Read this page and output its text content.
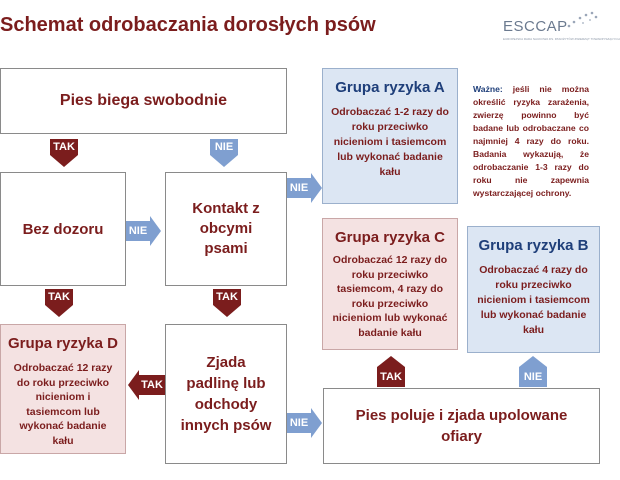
Schemat odrobaczania dorosłych psów	ESCCAP
EUROPEJSKA RADA NAUKOWA DS. PASOŻYTÓW ZWIERZĄT TOWARZYSZĄCYCH
Pies biega swobodnie
Bez dozoru
Kontakt z obcymi psami
Zjada padlinę lub odchody innych psów
Pies poluje i zjada upolowane ofiary
Grupa ryzyka A
Odrobaczać 1-2 razy do roku przeciwko nicieniom i tasiemcom lub wykonać badanie kału
Grupa ryzyka C
Odrobaczać 12 razy do roku przeciwko tasiemcom, 4 razy do roku przeciwko nicieniom lub wykonać badanie kału
Grupa ryzyka B
Odrobaczać 4 razy do roku przeciwko nicieniom i tasiemcom lub wykonać badanie kału
Grupa ryzyka D
Odrobaczać 12 razy do roku przeciwko nicieniom i tasiemcom lub wykonać badanie kału
Ważne: jeśli nie można określić ryzyka zarażenia, zwierzę powinno być badane lub odrobaczane co najmniej 4 razy do roku. Badania wykazują, że odrobaczanie 1-3 razy do roku nie zapewnia wystarczającej ochrony.
TAK	NIE
NIE
NIE
TAK	TAK
TAK
NIE
TAK	NIE
